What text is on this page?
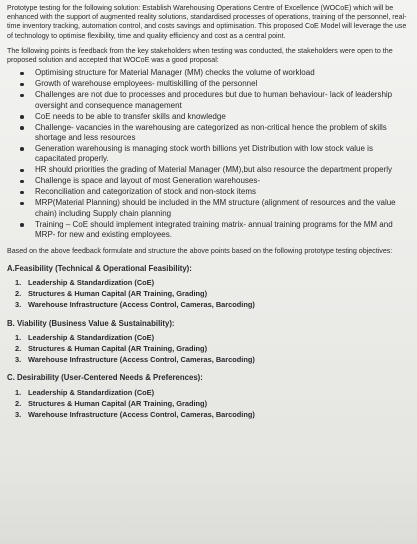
Prototype testing for the following solution: Establish Warehousing Operations Centre of Excellence (WOCoE) which will be enhanced with the support of augmented reality solutions, standardised processes of operations, training of the personnel, real-time inventory tracking, automation control, and costs savings and optimisation. This proposed CoE Model will leverage the use of technology to optimise flexibility, time and quality efficiency and cost as a central point.

The following points is feedback from the key stakeholders when testing was conducted, the stakeholders were open to the proposed solution and accepted that WOCoE was a good proposal:

Optimising structure for Material Manager (MM) checks the volume of workload
Growth of warehouse employees- multiskilling of the personnel
Challenges are not due to processes and procedures but due to human behaviour- lack of leadership oversight and consequence management
CoE needs to be able to transfer skills and knowledge
Challenge- vacancies in the warehousing are categorized as non-critical hence the problem of skills shortage and less resources
Generation warehousing is managing stock worth billions yet Distribution with low stock value is capacitated properly.
HR should priorities the grading of Material Manager (MM),but also resource the department properly
Challenge is space and layout of most Generation warehouses-
Reconciliation and categorization of stock and non-stock items
MRP(Material Planning) should be included in the MM structure (alignment of resources and the value chain) including Supply chain planning
Training – CoE should implement integrated training matrix- annual training programs for the MM and MRP- for new and existing employees.

Based on the above feedback formulate and structure the above points based on the following prototype testing objectives:

A.Feasibility (Technical & Operational Feasibility):

1. Leadership & Standardization (CoE)
2. Structures & Human Capital (AR Training, Grading)
3. Warehouse Infrastructure (Access Control, Cameras, Barcoding)

B. Viability (Business Value & Sustainability):

1. Leadership & Standardization (CoE)
2. Structures & Human Capital (AR Training, Grading)
3. Warehouse Infrastructure (Access Control, Cameras, Barcoding)

C. Desirability (User-Centered Needs & Preferences):

1. Leadership & Standardization (CoE)
2. Structures & Human Capital (AR Training, Grading)
3. Warehouse Infrastructure (Access Control, Cameras, Barcoding)
